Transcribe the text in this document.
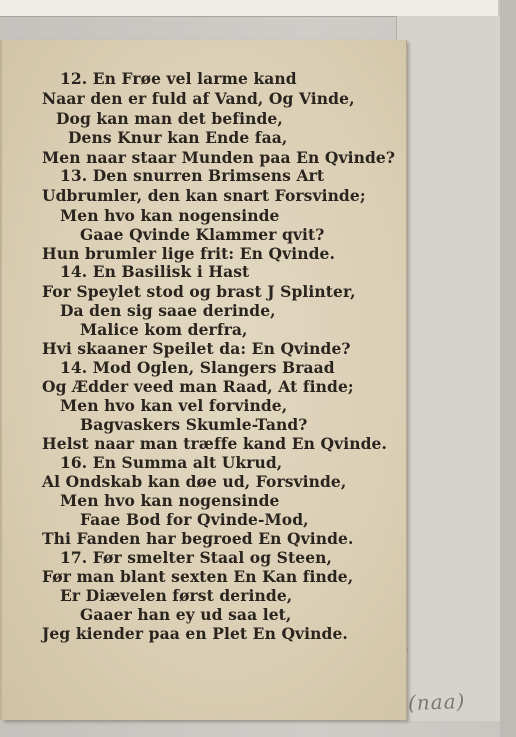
(naa)
12. En Frøe vel larme kand
Naar den er fuld af Vand, Og Vinde,
Dog kan man det befinde,
Dens Knur kan Ende faa,
Men naar staar Munden paa En Qvinde?
13. Den snurren Brimsens Art
Udbrumler, den kan snart Forsvinde;
Men hvo kan nogensinde
Gaae Qvinde Klammer qvit?
Hun brumler lige frit: En Qvinde.
14. En Basilisk i Hast
For Speylet stod og brast J Splinter,
Da den sig saae derinde,
Malice kom derfra,
Hvi skaaner Speilet da: En Qvinde?
14. Mod Oglen, Slangers Braad
Og Ædder veed man Raad, At finde;
Men hvo kan vel forvinde,
Bagvaskers Skumle-Tand?
Helst naar man træffe kand En Qvinde.
16. En Summa alt Ukrud,
Al Ondskab kan døe ud, Forsvinde,
Men hvo kan nogensinde
Faae Bod for Qvinde-Mod,
Thi Fanden har begroed En Qvinde.
17. Før smelter Staal og Steen,
Før man blant sexten En Kan finde,
Er Diævelen først derinde,
Gaaer han ey ud saa let,
Jeg kiender paa en Plet En Qvinde.
